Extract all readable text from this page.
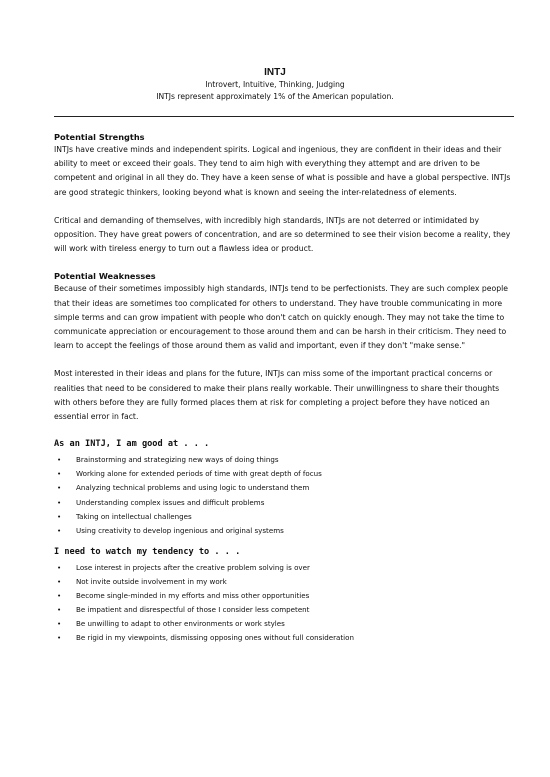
INTJ
Introvert, Intuitive, Thinking, Judging
INTJs represent approximately 1% of the American population.
Potential Strengths

INTJs have creative minds and independent spirits. Logical and ingenious, they are confident in their ideas and their ability to meet or exceed their goals. They tend to aim high with everything they attempt and are driven to be competent and original in all they do. They have a keen sense of what is possible and have a global perspective. INTJs are good strategic thinkers, looking beyond what is known and seeing the inter-relatedness of elements.

Critical and demanding of themselves, with incredibly high standards, INTJs are not deterred or intimidated by opposition. They have great powers of concentration, and are so determined to see their vision become a reality, they will work with tireless energy to turn out a flawless idea or product.

Potential Weaknesses

Because of their sometimes impossibly high standards, INTJs tend to be perfectionists. They are such complex people that their ideas are sometimes too complicated for others to understand. They have trouble communicating in more simple terms and can grow impatient with people who don't catch on quickly enough. They may not take the time to communicate appreciation or encouragement to those around them and can be harsh in their criticism. They need to learn to accept the feelings of those around them as valid and important, even if they don't "make sense."

Most interested in their ideas and plans for the future, INTJs can miss some of the important practical concerns or realities that need to be considered to make their plans really workable. Their unwillingness to share their thoughts with others before they are fully formed places them at risk for completing a project before they have noticed an essential error in fact.

As an INTJ, I am good at . . .
• Brainstorming and strategizing new ways of doing things
• Working alone for extended periods of time with great depth of focus
• Analyzing technical problems and using logic to understand them
• Understanding complex issues and difficult problems
• Taking on intellectual challenges
• Using creativity to develop ingenious and original systems
I need to watch my tendency to . . .
• Lose interest in projects after the creative problem solving is over
• Not invite outside involvement in my work
• Become single-minded in my efforts and miss other opportunities
• Be impatient and disrespectful of those I consider less competent
• Be unwilling to adapt to other environments or work styles
• Be rigid in my viewpoints, dismissing opposing ones without full consideration
